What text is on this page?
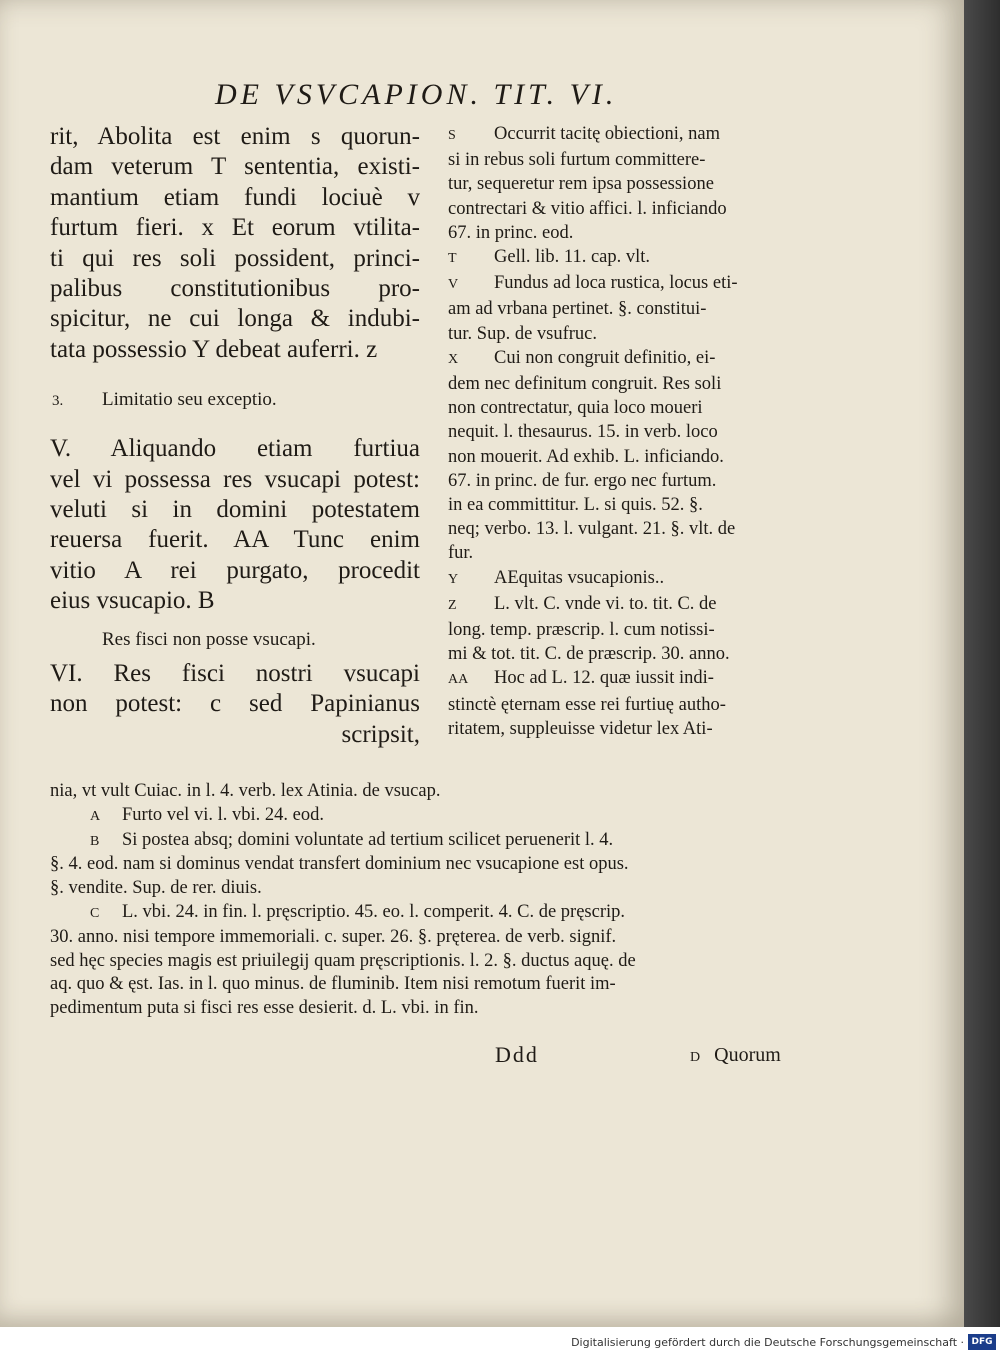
DE VSVCAPION. TIT. VI.
rit, Abolita est enim s quorun-
dam veterum T sententia, existi-
mantium etiam fundi lociuè v
furtum fieri. x Et eorum vtilita-
ti qui res soli possident, princi-
palibus constitutionibus pro-
spicitur, ne cui longa & indubi-
tata possessio Y debeat auferri. z
3. Limitatio seu exceptio.
V. Aliquando etiam furtiua
vel vi possessa res vsucapi potest:
veluti si in domini potestatem
reuersa fuerit. AA Tunc enim
vitio A rei purgato, procedit
eius vsucapio. B
Res fisci non posse vsucapi.
VI. Res fisci nostri vsucapi
non potest: c sed Papinianus
scripsit,
S Occurrit tacitę obiectioni, nam
si in rebus soli furtum committere-
tur, sequeretur rem ipsa possessione
contrectari & vitio affici. l. inficiando
67. in princ. eod.
T Gell. lib. 11. cap. vlt.
V Fundus ad loca rustica, locus eti-
am ad vrbana pertinet. §. constitui-
tur. Sup. de vsufruc.
X Cui non congruit definitio, ei-
dem nec definitum congruit. Res soli
non contrectatur, quia loco moueri
nequit. l. thesaurus. 15. in verb. loco
non mouerit. Ad exhib. L. inficiando.
67. in princ. de fur. ergo nec furtum.
in ea committitur. L. si quis. 52. §.
neq; verbo. 13. l. vulgant. 21. §. vlt. de
fur.
Y AEquitas vsucapionis..
Z L. vlt. C. vnde vi. to. tit. C. de
long. temp. præscrip. l. cum notissi-
mi & tot. tit. C. de præscrip. 30. anno.
AA Hoc ad L. 12. quæ iussit indi-
stinctè ęternam esse rei furtiuę autho-
ritatem, suppleuisse videtur lex Ati-
nia, vt vult Cuiac. in l. 4. verb. lex Atinia. de vsucap.
A Furto vel vi. l. vbi. 24. eod.
B Si postea absq; domini voluntate ad tertium scilicet peruenerit l. 4.
§. 4. eod. nam si dominus vendat transfert dominium nec vsucapione est opus.
§. vendite. Sup. de rer. diuis.
C L. vbi. 24. in fin. l. pręscriptio. 45. eo. l. comperit. 4. C. de pręscrip.
30. anno. nisi tempore immemoriali. c. super. 26. §. pręterea. de verb. signif.
sed hęc species magis est priuilegij quam pręscriptionis. l. 2. §. ductus aquę. de
aq. quo & ęst. Ias. in l. quo minus. de fluminib. Item nisi remotum fuerit im-
pedimentum puta si fisci res esse desierit. d. L. vbi. in fin.
Ddd	D Quorum
Digitalisierung gefördert durch die Deutsche Forschungsgemeinschaft · DFG
